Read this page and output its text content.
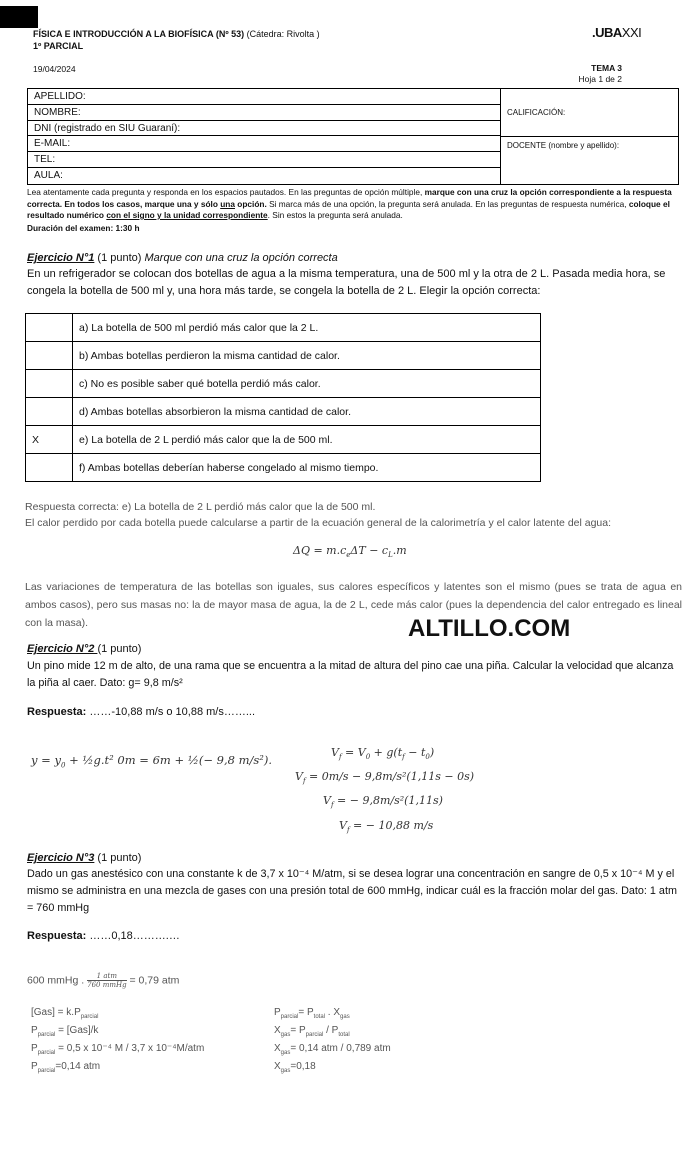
FÍSICA E INTRODUCCIÓN A LA BIOFÍSICA (Nº 53) (Cátedra: Rivolta )
1º PARCIAL
.UBAXXI
19/04/2024	TEMA 3
Hoja 1 de 2
APELLIDO:
NOMBRE:
DNI (registrado en SIU Guaraní):
E-MAIL:
TEL:
AULA:
CALIFICACIÓN:
DOCENTE (nombre y apellido):
Lea atentamente cada pregunta y responda en los espacios pautados. En las preguntas de opción múltiple, marque con una cruz la opción correspondiente a la respuesta correcta. En todos los casos, marque una y sólo una opción. Si marca más de una opción, la pregunta será anulada. En las preguntas de respuesta numérica, coloque el resultado numérico con el signo y la unidad correspondiente. Sin estos la pregunta será anulada.
Duración del examen: 1:30 h
Ejercicio N°1 (1 punto) Marque con una cruz la opción correcta
En un refrigerador se colocan dos botellas de agua a la misma temperatura, una de 500 ml y la otra de 2 L. Pasada media hora, se congela la botella de 500 ml y, una hora más tarde, se congela la botella de 2 L. Elegir la opción correcta:
	a) La botella de 500 ml perdió más calor que la 2 L.
	b) Ambas botellas perdieron la misma cantidad de calor.
	c) No es posible saber qué botella perdió más calor.
	d) Ambas botellas absorbieron la misma cantidad de calor.
X	e) La botella de 2 L perdió más calor que la de 500 ml.
	f) Ambas botellas deberían haberse congelado al mismo tiempo.
Respuesta correcta: e) La botella de 2 L perdió más calor que la de 500 ml.
El calor perdido por cada botella puede calcularse a partir de la ecuación general de la calorimetría y el calor latente del agua:
$\Delta Q = m.c_e\Delta T - c_L.m$
Las variaciones de temperatura de las botellas son iguales, sus calores específicos y latentes son el mismo (pues se trata de agua en ambos casos), pero sus masas no: la de mayor masa de agua, la de 2 L, cede más calor (pues la dependencia del calor entregado es lineal con la masa).	ALTILLO.COM
Ejercicio N°2 (1 punto)
Un pino mide 12 m de alto, de una rama que se encuentra a la mitad de altura del pino cae una piña. Calcular la velocidad que alcanza la piña al caer. Dato: g= 9,8 m/s²
Respuesta: ……-10,88 m/s o 10,88 m/s……...
$y = y_0$ + ½g.t² 0m = 6m + ½(− 9,8 m/s²).
$V_f = V_0 + g(t_f - t_0)$
$V_f = 0m/s - 9,8m/s^2(1,11s - 0s)$
$V_f$ = − 9,8m/s²(1,11s)
$V_f$ = − 10,88 m/s
Ejercicio N°3 (1 punto)
Dado un gas anestésico con una constante k de 3,7 x 10⁻⁴ M/atm, si se desea lograr una concentración en sangre de 0,5 x 10⁻⁴ M y el mismo se administra en una mezcla de gases con una presión total de 600 mmHg, indicar cuál es la fracción molar del gas. Dato: 1 atm = 760 mmHg
Respuesta: ……0,18……….…
600 mmHg .	1 atm
760 mmHg = 0,79 atm
$[Gas] = k.P_{parcial}$
$P_{parcial} = [Gas]/k$
$P_{parcial} = 0,5$ x 10⁻⁴ M / 3,7 x 10⁻⁴M/atm
$P_{parcial}=0,14$ atm
$P_{parcial}= P_{total}$ . $X_{gas}$
$X_{gas}= P_{parcial} / P_{total}$
$X_{gas}= 0,14$ atm / 0,789 atm
$X_{gas}=0,18$
